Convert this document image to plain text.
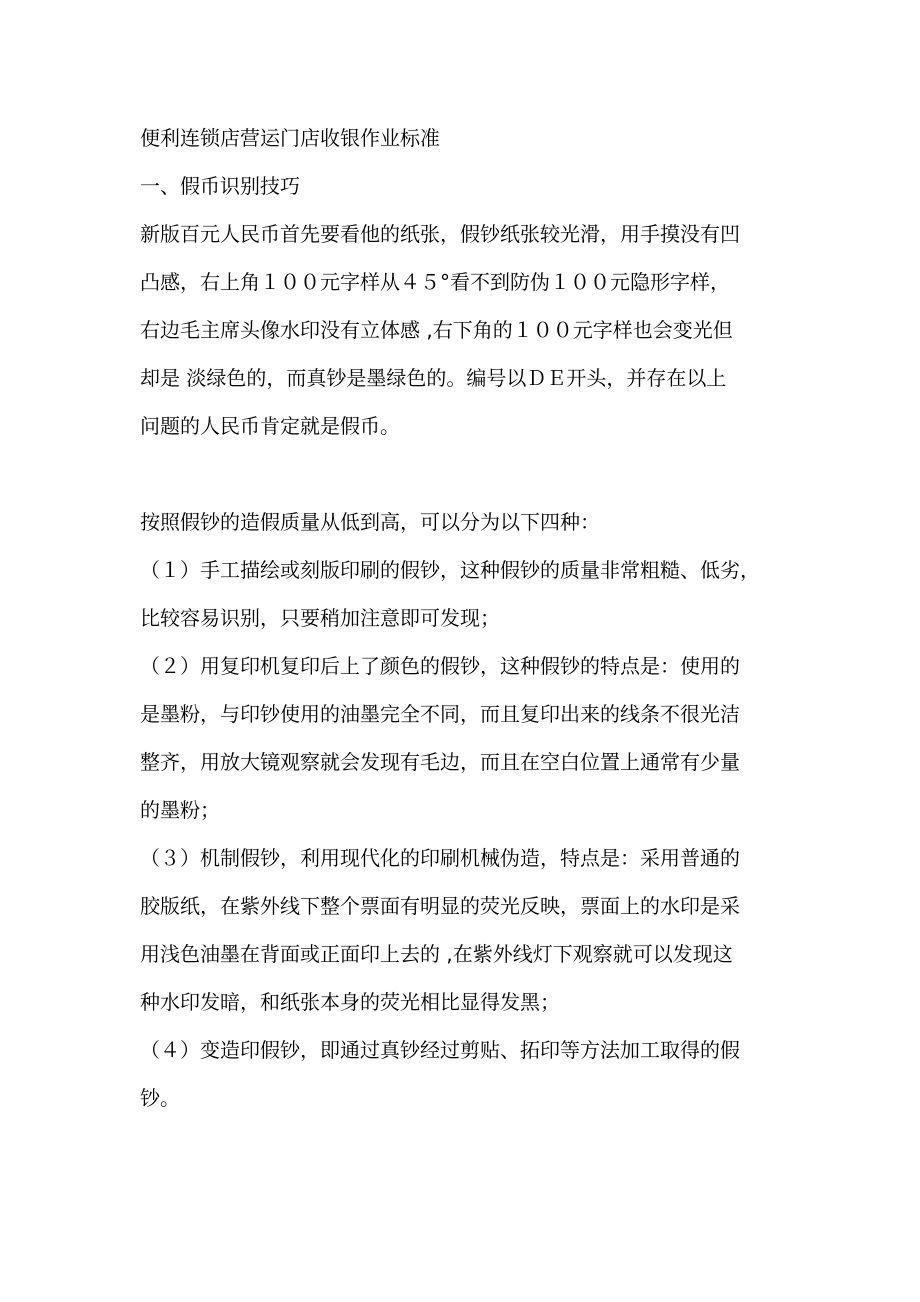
便利连锁店营运门店收银作业标准
一、假币识别技巧
新版百元人民币首先要看他的纸张，假钞纸张较光滑，用手摸没有凹
凸感，右上角１００元字样从４５°看不到防伪１００元隐形字样，
右边毛主席头像水印没有立体感 ,右下角的１００元字样也会变光但
却是 淡绿色的，而真钞是墨绿色的。编号以ＤＥ开头，并存在以上
问题的人民币肯定就是假币。
按照假钞的造假质量从低到高，可以分为以下四种：
（１）手工描绘或刻版印刷的假钞，这种假钞的质量非常粗糙、低劣，
比较容易识别，只要稍加注意即可发现；
（２）用复印机复印后上了颜色的假钞，这种假钞的特点是：使用的
是墨粉，与印钞使用的油墨完全不同，而且复印出来的线条不很光洁
整齐，用放大镜观察就会发现有毛边，而且在空白位置上通常有少量
的墨粉；
（３）机制假钞，利用现代化的印刷机械伪造，特点是：采用普通的
胶版纸，在紫外线下整个票面有明显的荧光反映，票面上的水印是采
用浅色油墨在背面或正面印上去的 ,在紫外线灯下观察就可以发现这
种水印发暗，和纸张本身的荧光相比显得发黑；
（４）变造印假钞，即通过真钞经过剪贴、拓印等方法加工取得的假
钞。
